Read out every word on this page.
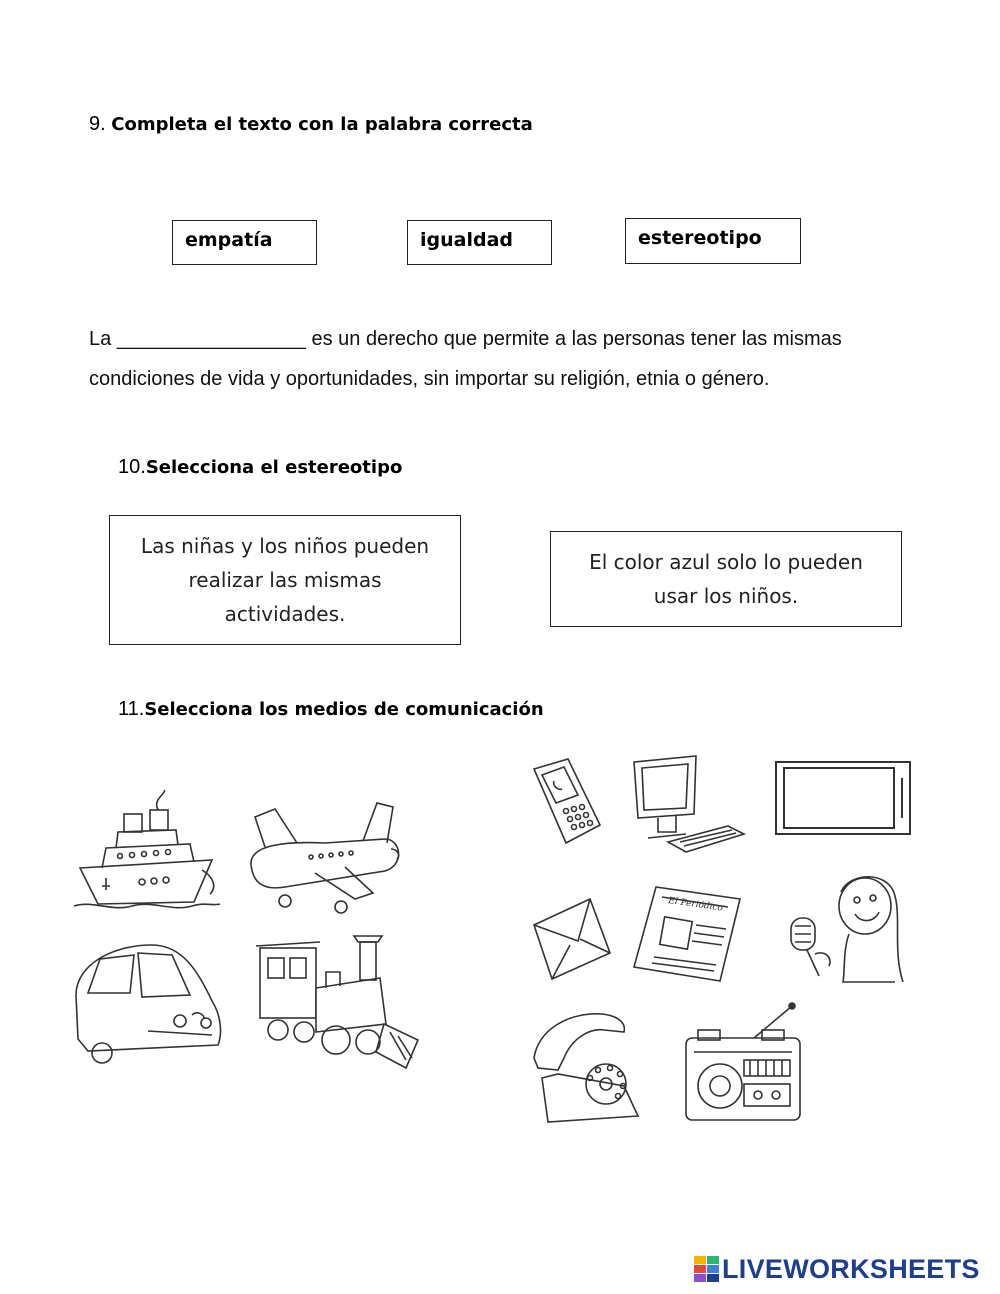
9. Completa el texto con la palabra correcta
empatía	igualdad	estereotipo
La _________________ es un derecho que permite a las personas tener las mismas condiciones de vida y oportunidades, sin importar su religión, etnia o género.
10.Selecciona el estereotipo
Las niñas y los niños pueden realizar las mismas actividades.
El color azul solo lo pueden usar los niños.
11.Selecciona los medios de comunicación
El Periódico
LIVEWORKSHEETS
